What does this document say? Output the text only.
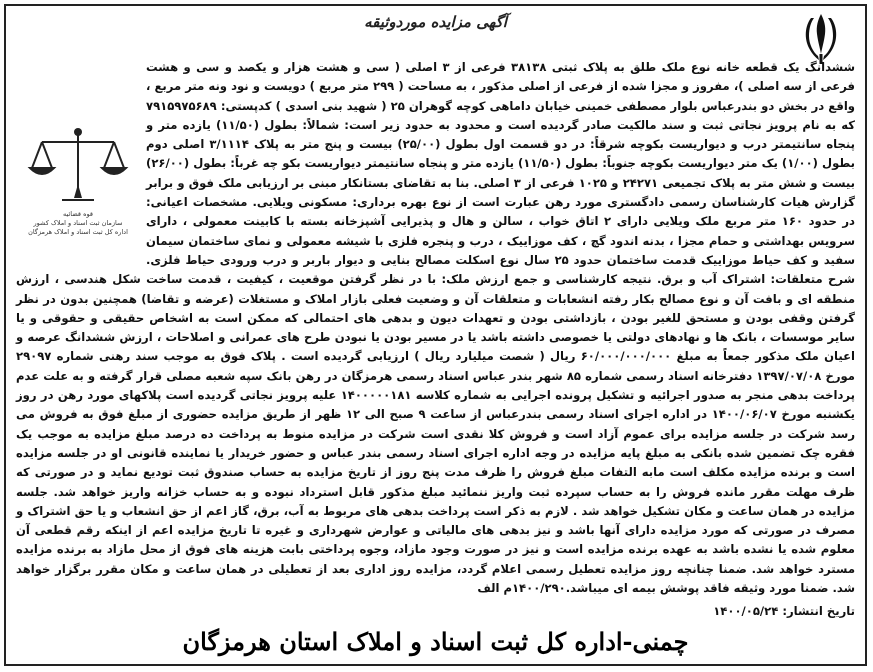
آگهی مزایده موردوثیقه
قوه قضائیه
سازمان ثبت اسناد و املاک کشور
اداره کل ثبت اسناد و املاک هرمزگان
ششدانگ یک قطعه خانه نوع ملک طلق به پلاک ثبتی ۳۸۱۳۸ فرعی از ۳ اصلی ( سی و هشت هزار و یکصد و سی و هشت فرعی از سه اصلی )، مفروز و مجزا شده از فرعی از اصلی مذکور ، به مساحت ( ۲۹۹ متر مربع ) دویست و نود ونه متر مربع ، واقع در بخش دو بندرعباس بلوار مصطفی خمینی خیابان داماهی کوچه گوهران ۲۵ ( شهید بنی اسدی ) کدپستی: ۷۹۱۵۹۷۵۶۸۹ که به نام پرویز نجاتی ثبت و سند مالکیت صادر گردیده است و محدود به حدود زیر است: شمالاً: بطول (۱۱/۵۰) یازده متر و پنجاه سانتیمتر درب و دیواریست بکوچه شرقاً: در دو قسمت اول بطول (۲۵/۰۰) بیست و پنج متر به پلاک ۳/۱۱۱۴ اصلی دوم بطول (۱/۰۰) یک متر دیواریست بکوچه جنوباً: بطول (۱۱/۵۰) یازده متر و پنجاه سانتیمتر دیواریست بکو چه غرباً: بطول (۲۶/۰۰) بیست و شش متر به پلاک تجمیعی ۲۴۲۷۱ و ۱۰۲۵ فرعی از ۳ اصلی. بنا به تقاضای بستانکار مبنی بر ارزیابی ملک فوق و برابر گزارش هیات کارشناسان رسمی دادگستری مورد رهن عبارت است از نوع بهره برداری: مسکونی ویلایی. مشخصات اعیانی: در حدود ۱۶۰ متر مربع ملک ویلایی دارای ۲ اتاق خواب ، سالن و هال و پذیرایی آشپزخانه بسته با کابینت معمولی ، دارای سرویس بهداشتی و حمام مجزا ، بدنه اندود گچ ، کف موزاییک ، درب و پنجره فلزی با شیشه معمولی و نمای ساختمان سیمان سفید و کف حیاط موزاییک قدمت ساختمان حدود ۲۵ سال نوع اسکلت مصالح بنایی و دیوار باربر و درب ورودی حیاط فلزی. شرح متعلقات: اشتراک آب و برق. نتیجه کارشناسی و جمع ارزش ملک: با در نظر گرفتن موقعیت ، کیفیت ، قدمت ساخت شکل هندسی ، ارزش منطقه ای و بافت آن و نوع مصالح بکار رفته انشعابات و متعلقات آن و وضعیت فعلی بازار املاک و مستغلات (عرضه و تقاضا) همچنین بدون در نظر گرفتن وقفی بودن و مستحق للغیر بودن ، بازداشتی بودن و تعهدات دیون و بدهی های احتمالی که ممکن است به اشخاص حقیقی و حقوقی و یا سایر موسسات ، بانک ها و نهادهای دولتی یا خصوصی داشته باشد یا در مسیر بودن یا نبودن طرح های عمرانی و اصلاحات ، ارزش ششدانگ عرصه و اعیان ملک مذکور جمعاً به مبلغ ۶۰/۰۰۰/۰۰۰/۰۰۰ ریال ( شصت میلیارد ریال ) ارزیابی گردیده است . پلاک فوق به موجب سند رهنی شماره ۲۹۰۹۷ مورخ ۱۳۹۷/۰۷/۰۸ دفترخانه اسناد رسمی شماره ۸۵ شهر بندر عباس اسناد رسمی هرمزگان در رهن بانک سپه شعبه مصلی قرار گرفته و به علت عدم پرداخت بدهی منجر به صدور اجرائیه و تشکیل پرونده اجرایی به شماره کلاسه ۱۴۰۰۰۰۰۱۸۱ علیه پرویز نجاتی گردیده است پلاکهای مورد رهن در روز یکشنبه مورخ ۱۴۰۰/۰۶/۰۷ در اداره اجرای اسناد رسمی بندرعباس از ساعت ۹ صبح الی ۱۲ ظهر از طریق مزایده حضوری از مبلغ فوق به فروش می رسد شرکت در جلسه مزایده برای عموم آزاد است و فروش کلا نقدی است شرکت در مزایده منوط به پرداخت ده درصد مبلغ مزایده به موجب یک فقره چک تضمین شده بانکی به مبلغ پایه مزایده در وجه اداره اجرای اسناد رسمی بندر عباس و حضور خریدار یا نماینده قانونی او در جلسه مزایده است و برنده مزایده مکلف است مابه التفات مبلغ فروش را ظرف مدت پنج روز از تاریخ مزایده به حساب صندوق ثبت تودیع نماید و در صورتی که ظرف مهلت مقرر مانده فروش را به حساب سپرده ثبت واریز ننمائید مبلغ مذکور قابل استرداد نبوده و به حساب خزانه واریز خواهد شد. جلسه مزایده در همان ساعت و مکان تشکیل خواهد شد . لازم به ذکر است پرداخت بدهی های مربوط به آب، برق، گاز اعم از حق انشعاب و یا حق اشتراک و مصرف در صورتی که مورد مزایده دارای آنها باشد و نیز بدهی های مالیاتی و عوارض شهرداری و غیره تا تاریخ مزایده اعم از اینکه رقم قطعی آن معلوم شده یا نشده باشد به عهده برنده مزایده است و نیز در صورت وجود مازاد، وجوه پرداختی بابت هزینه های فوق از محل مازاد به برنده مزایده مسترد خواهد شد. ضمنا چنانچه روز مزایده تعطیل رسمی اعلام گردد، مزایده روز اداری بعد از تعطیلی در همان ساعت و مکان مقرر برگزار خواهد شد. ضمنا مورد وثیقه فاقد پوشش بیمه ای میباشد.۱۴۰۰/۲۹۰م الف
تاریخ انتشار: ۱۴۰۰/۰۵/۲۴
چمنی-اداره کل ثبت اسناد و املاک استان هرمزگان
